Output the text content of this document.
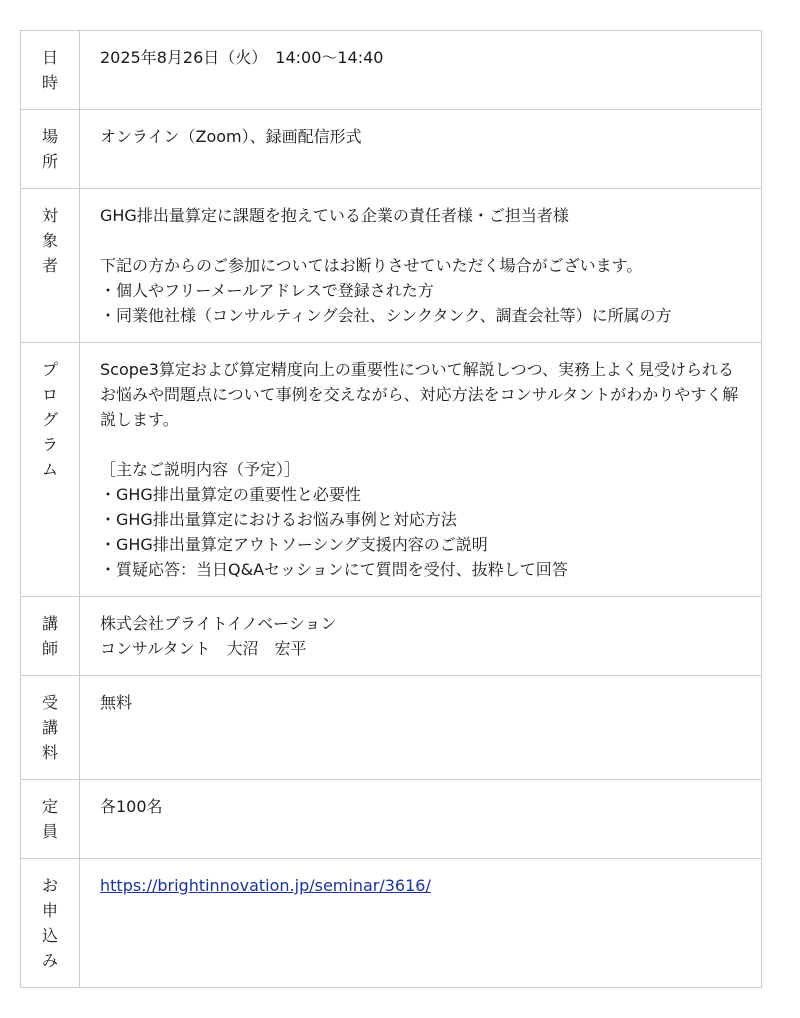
日時
2025年8月26日（火）　14:00～14:40
場所
オンライン（Zoom）、録画配信形式
対象者
GHG排出量算定に課題を抱えている企業の責任者様・ご担当者様
下記の方からのご参加についてはお断りさせていただく場合がございます。
・個人やフリーメールアドレスで登録された方
・同業他社様（コンサルティング会社、シンクタンク、調査会社等）に所属の方
プログラム
Scope3算定および算定精度向上の重要性について解説しつつ、実務上よく見受けられる
お悩みや問題点について事例を交えながら、対応方法をコンサルタントがわかりやすく解
説します。
［主なご説明内容（予定）］
・GHG排出量算定の重要性と必要性
・GHG排出量算定におけるお悩み事例と対応方法
・GHG排出量算定アウトソーシング支援内容のご説明
・質疑応答：当日Q&Aセッションにて質問を受付、抜粋して回答
講師
株式会社ブライトイノベーション
コンサルタント　大沼　宏平
受講料
無料
定員
各100名
お申込み
https://brightinnovation.jp/seminar/3616/
